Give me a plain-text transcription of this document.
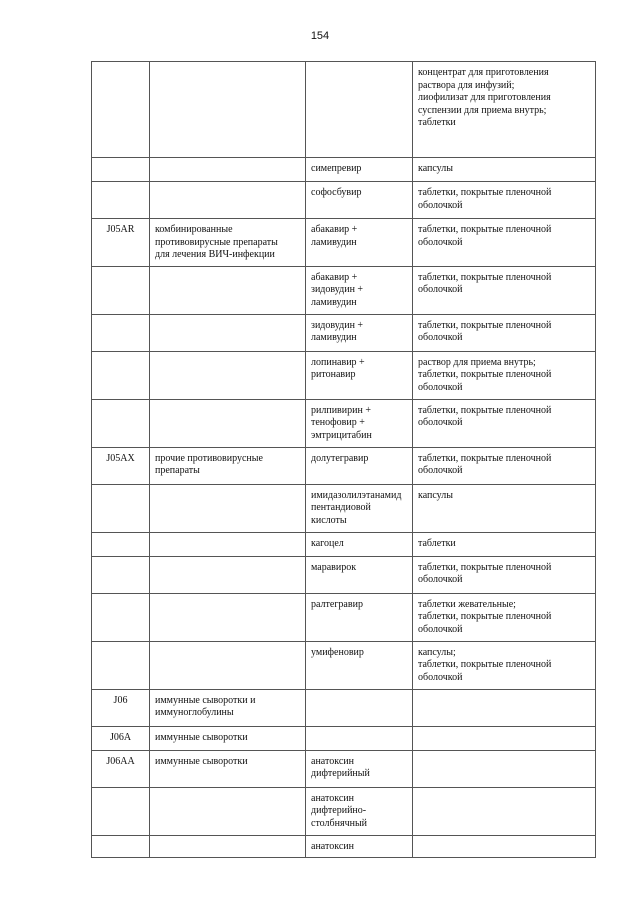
154
			концентрат для приготовления
раствора для инфузий;
лиофилизат для приготовления
суспензии для приема внутрь;
таблетки
		симепревир	капсулы
		софосбувир	таблетки, покрытые пленочной
оболочкой
J05AR	комбинированные
противовирусные препараты
для лечения ВИЧ-инфекции	абакавир +
ламивудин	таблетки, покрытые пленочной
оболочкой
		абакавир +
зидовудин +
ламивудин	таблетки, покрытые пленочной
оболочкой
		зидовудин +
ламивудин	таблетки, покрытые пленочной
оболочкой
		лопинавир +
ритонавир	раствор для приема внутрь;
таблетки, покрытые пленочной
оболочкой
		рилпивирин +
тенофовир +
эмтрицитабин	таблетки, покрытые пленочной
оболочкой
J05AX	прочие противовирусные
препараты	долутегравир	таблетки, покрытые пленочной
оболочкой
		имидазолилэтанамид
пентандиовой
кислоты	капсулы
		кагоцел	таблетки
		маравирок	таблетки, покрытые пленочной
оболочкой
		ралтегравир	таблетки жевательные;
таблетки, покрытые пленочной
оболочкой
		умифеновир	капсулы;
таблетки, покрытые пленочной
оболочкой
J06	иммунные сыворотки и
иммуноглобулины		
J06A	иммунные сыворотки		
J06AA	иммунные сыворотки	анатоксин
дифтерийный	
		анатоксин
дифтерийно-
столбнячный	
		анатоксин	
